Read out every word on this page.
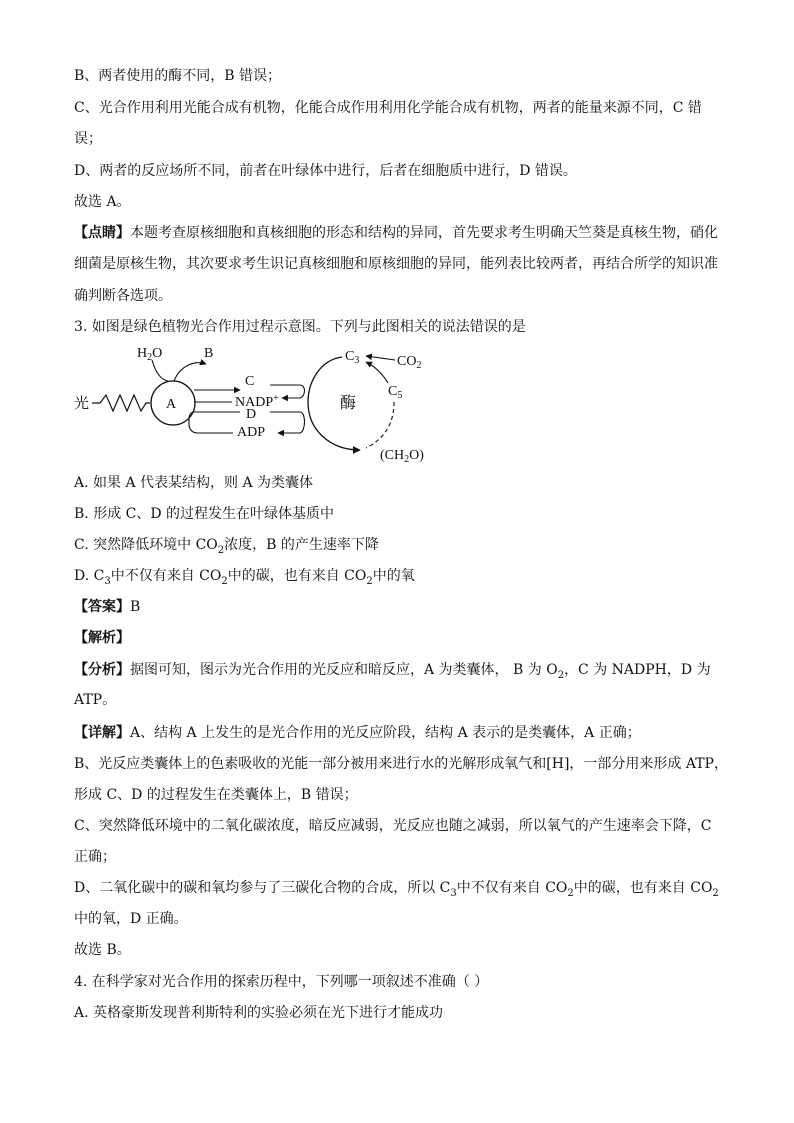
B、两者使用的酶不同，B 错误；
C、光合作用利用光能合成有机物，化能合成作用利用化学能合成有机物，两者的能量来源不同，C 错
误；
D、两者的反应场所不同，前者在叶绿体中进行，后者在细胞质中进行，D 错误。
故选 A。
【点睛】本题考查原核细胞和真核细胞的形态和结构的异同，首先要求考生明确天竺葵是真核生物，硝化
细菌是原核生物，其次要求考生识记真核细胞和原核细胞的异同，能列表比较两者，再结合所学的知识准
确判断各选项。
3. 如图是绿色植物光合作用过程示意图。下列与此图相关的说法错误的是
光	A
$H_2O$	B
C
NADP+
D
ADP
酶
$C_3$	$CO_2$
$C_5$
$(CH_2O)$
A. 如果 A 代表某结构，则 A 为类囊体
B. 形成 C、D 的过程发生在叶绿体基质中
C. 突然降低环境中 $CO_2$浓度，B 的产生速率下降
D. $C_3$中不仅有来自 $CO_2$中的碳，也有来自 $CO_2$中的氧
【答案】B
【解析】
【分析】据图可知，图示为光合作用的光反应和暗反应，A 为类囊体， B 为 $O_2$，C 为 NADPH，D 为
ATP。
【详解】A、结构 A 上发生的是光合作用的光反应阶段，结构 A 表示的是类囊体，A 正确；
B、光反应类囊体上的色素吸收的光能一部分被用来进行水的光解形成氧气和[H]，一部分用来形成 ATP，
形成 C、D 的过程发生在类囊体上，B 错误；
C、突然降低环境中的二氧化碳浓度，暗反应减弱，光反应也随之减弱，所以氧气的产生速率会下降，C
正确；
D、二氧化碳中的碳和氧均参与了三碳化合物的合成，所以 $C_3$中不仅有来自 $CO_2$中的碳，也有来自 $CO_2$
中的氧，D 正确。
故选 B。
4. 在科学家对光合作用的探索历程中，下列哪一项叙述不准确（ ）
A. 英格豪斯发现普利斯特利的实验必须在光下进行才能成功
